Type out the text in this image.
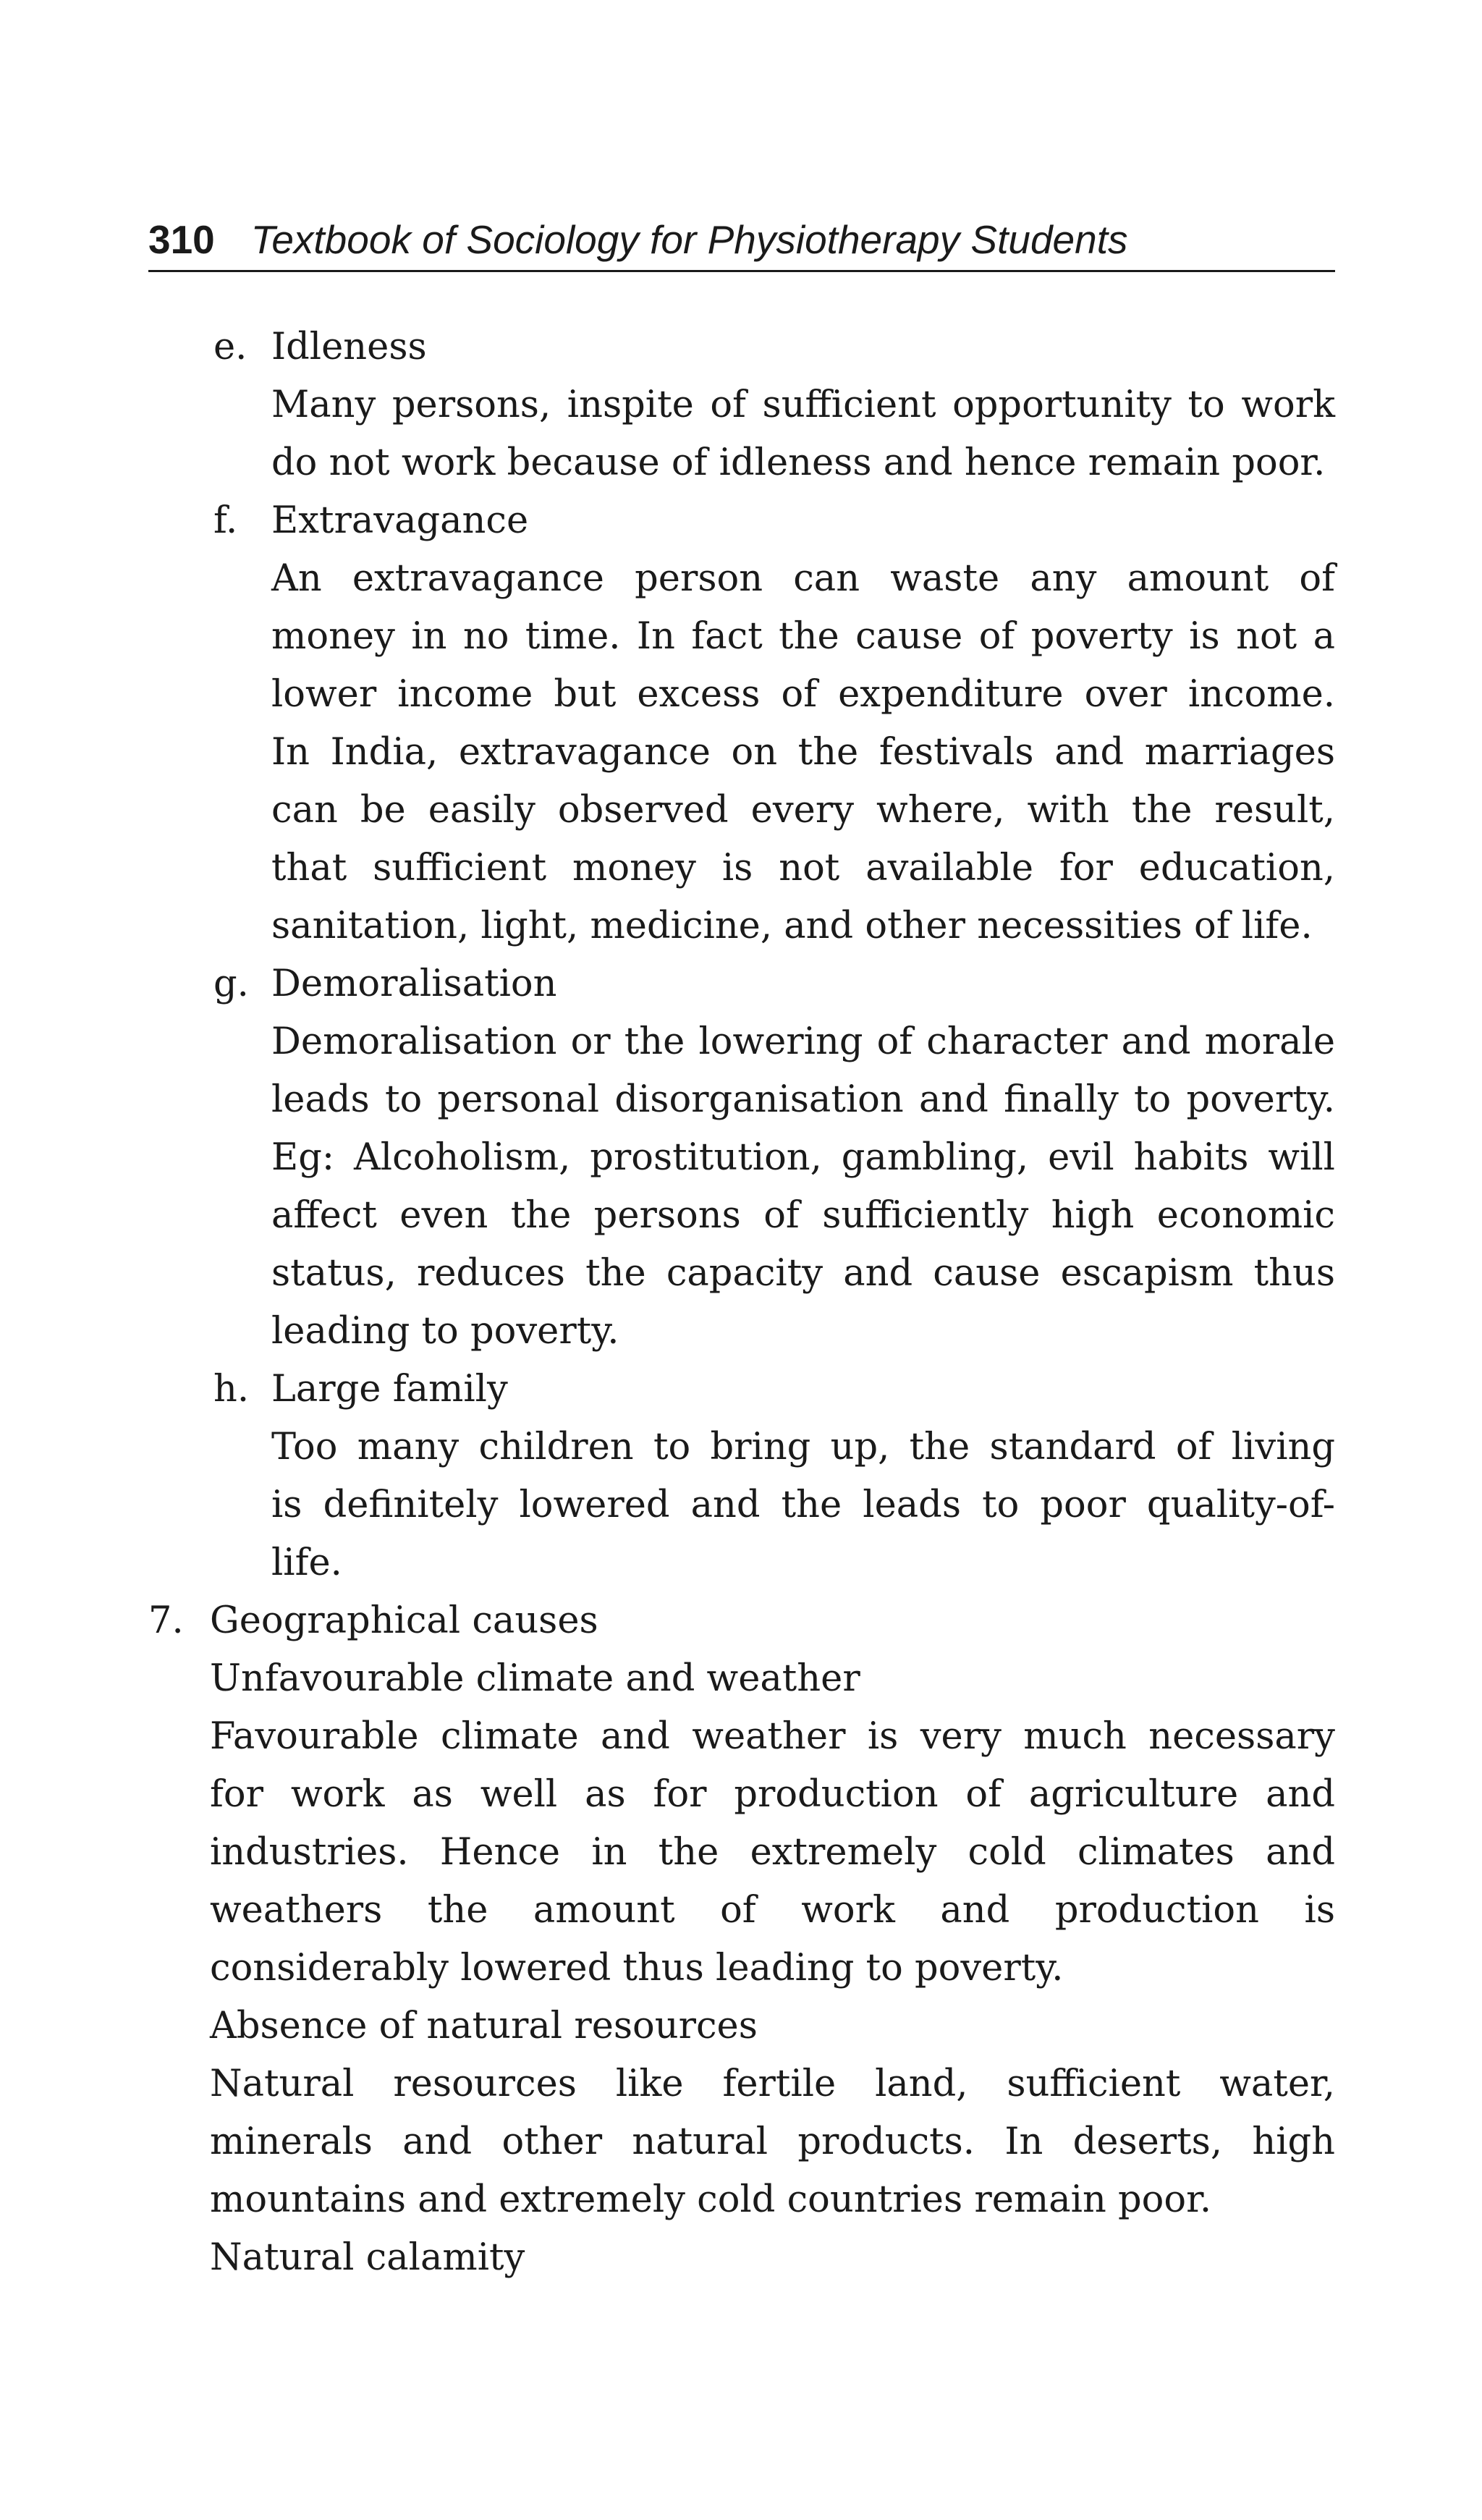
310 Textbook of Sociology for Physiotherapy Students
e. Idleness
Many persons, inspite of sufficient opportunity to work
do not work because of idleness and hence remain poor.
f. Extravagance
An extravagance person can waste any amount of
money in no time. In fact the cause of poverty is not a
lower income but excess of expenditure over income.
In India, extravagance on the festivals and marriages
can be easily observed every where, with the result,
that sufficient money is not available for education,
sanitation, light, medicine, and other necessities of life.
g. Demoralisation
Demoralisation or the lowering of character and morale
leads to personal disorganisation and finally to poverty.
Eg: Alcoholism, prostitution, gambling, evil habits will
affect even the persons of sufficiently high economic
status, reduces the capacity and cause escapism thus
leading to poverty.
h. Large family
Too many children to bring up, the standard of living
is definitely lowered and the leads to poor quality-of-
life.
7. Geographical causes
Unfavourable climate and weather
Favourable climate and weather is very much necessary
for work as well as for production of agriculture and
industries. Hence in the extremely cold climates and
weathers the amount of work and production is
considerably lowered thus leading to poverty.
Absence of natural resources
Natural resources like fertile land, sufficient water,
minerals and other natural products. In deserts, high
mountains and extremely cold countries remain poor.
Natural calamity
